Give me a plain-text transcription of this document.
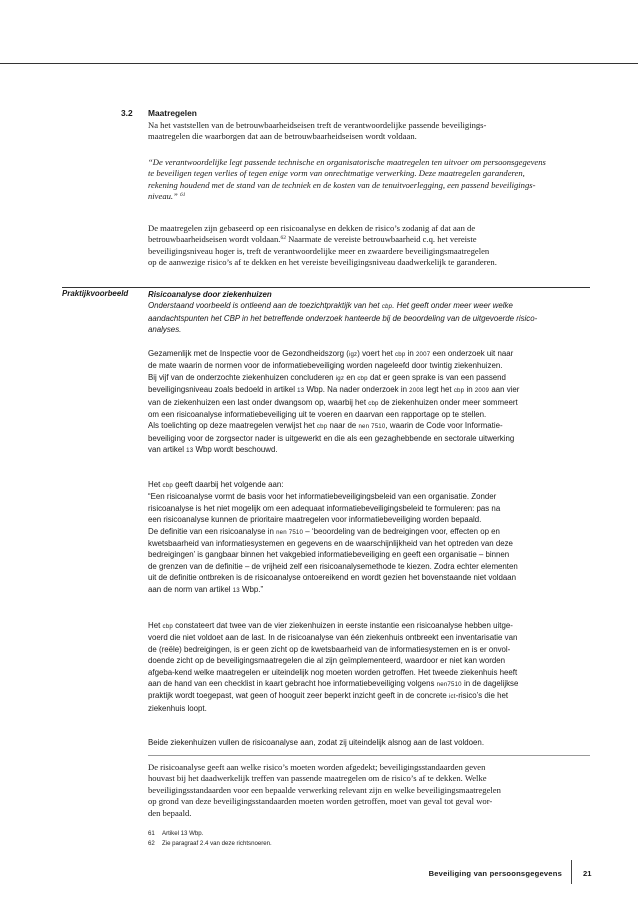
3.2 Maatregelen

Na het vaststellen van de betrouwbaarheidseisen treft de verantwoordelijke passende beveiligings-
maatregelen die waarborgen dat aan de betrouwbaarheidseisen wordt voldaan.

“De verantwoordelijke legt passende technische en organisatorische maatregelen ten uitvoer om persoonsgegevens
te beveiligen tegen verlies of tegen enige vorm van onrechtmatige verwerking. Deze maatregelen garanderen,
rekening houdend met de stand van de techniek en de kosten van de tenuitvoerlegging, een passend beveiligings-
niveau.” $^{61}$

De maatregelen zijn gebaseerd op een risicoanalyse en dekken de risico’s zodanig af dat aan de
betrouwbaarheidseisen wordt voldaan.$^{62}$ Naarmate de vereiste betrouwbaarheid c.q. het vereiste
beveiligingsniveau hoger is, treft de verantwoordelijke meer en zwaardere beveiligingsmaatregelen
op de aanwezige risico’s af te dekken en het vereiste beveiligingsniveau daadwerkelijk te garanderen.

Praktijkvoorbeeld	Risicoanalyse door ziekenhuizen
Onderstaand voorbeeld is ontleend aan de toezichtpraktijk van het cbp. Het geeft onder meer weer welke
aandachtspunten het CBP in het betreffende onderzoek hanteerde bij de beoordeling van de uitgevoerde risico-
analyses.

Gezamenlijk met de Inspectie voor de Gezondheidszorg (igz) voert het cbp in 2007 een onderzoek uit naar
de mate waarin de normen voor de informatiebeveiliging worden nageleefd door twintig ziekenhuizen.
Bij vijf van de onderzochte ziekenhuizen concluderen igz en cbp dat er geen sprake is van een passend
beveiligingsniveau zoals bedoeld in artikel 13 Wbp. Na nader onderzoek in 2008 legt het cbp in 2009 aan vier
van de ziekenhuizen een last onder dwangsom op, waarbij het cbp de ziekenhuizen onder meer sommeert
om een risicoanalyse informatiebeveiliging uit te voeren en daarvan een rapportage op te stellen.
Als toelichting op deze maatregelen verwijst het cbp naar de nen 7510, waarin de Code voor Informatie-
beveiliging voor de zorgsector nader is uitgewerkt en die als een gezaghebbende en sectorale uitwerking
van artikel 13 Wbp wordt beschouwd.

Het cbp geeft daarbij het volgende aan:
“Een risicoanalyse vormt de basis voor het informatiebeveiligingsbeleid van een organisatie. Zonder
risicoanalyse is het niet mogelijk om een adequaat informatiebeveiligingsbeleid te formuleren: pas na
een risicoanalyse kunnen de prioritaire maatregelen voor informatiebeveiliging worden bepaald.
De definitie van een risicoanalyse in nen 7510 – ‘beoordeling van de bedreigingen voor, effecten op en
kwetsbaarheid van informatiesystemen en gegevens en de waarschijnlijkheid van het optreden van deze
bedreigingen’ is gangbaar binnen het vakgebied informatiebeveiliging en geeft een organisatie – binnen
de grenzen van de definitie – de vrijheid zelf een risicoanalysemethode te kiezen. Zodra echter elementen
uit de definitie ontbreken is de risicoanalyse ontoereikend en wordt gezien het bovenstaande niet voldaan
aan de norm van artikel 13 Wbp.”

Het cbp constateert dat twee van de vier ziekenhuizen in eerste instantie een risicoanalyse hebben uitge-
voerd die niet voldoet aan de last. In de risicoanalyse van één ziekenhuis ontbreekt een inventarisatie van
de (reële) bedreigingen, is er geen zicht op de kwetsbaarheid van de informatiesystemen en is er onvol-
doende zicht op de beveiligingsmaatregelen die al zijn geïmplementeerd, waardoor er niet kan worden
afgeba-kend welke maatregelen er uiteindelijk nog moeten worden getroffen. Het tweede ziekenhuis heeft
aan de hand van een checklist in kaart gebracht hoe informatiebeveiliging volgens nen7510 in de dagelijkse
praktijk wordt toegepast, wat geen of hooguit zeer beperkt inzicht geeft in de concrete ict-risico’s die het
ziekenhuis loopt.

Beide ziekenhuizen vullen de risicoanalyse aan, zodat zij uiteindelijk alsnog aan de last voldoen.

De risicoanalyse geeft aan welke risico’s moeten worden afgedekt; beveiligingsstandaarden geven
houvast bij het daadwerkelijk treffen van passende maatregelen om de risico’s af te dekken. Welke
beveiligingsstandaarden voor een bepaalde verwerking relevant zijn en welke beveiligingsmaatregelen
op grond van deze beveiligingsstandaarden moeten worden getroffen, moet van geval tot geval wor-
den bepaald.

61 Artikel 13 Wbp.
62 Zie paragraaf 2.4 van deze richtsnoeren.
Beveiliging van persoonsgegevens	21
